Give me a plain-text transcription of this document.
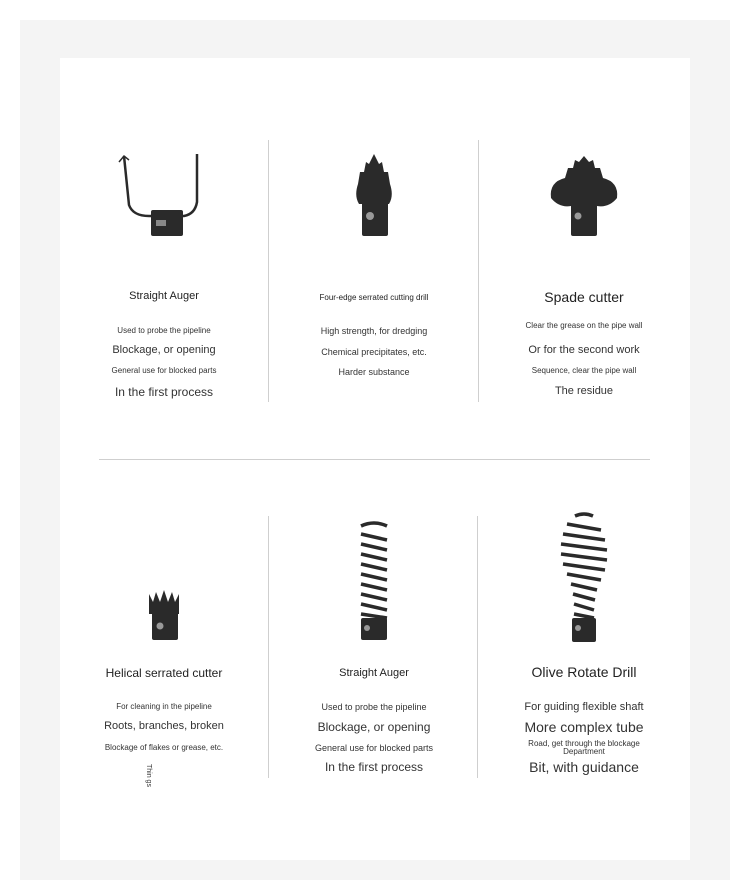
Straight Auger
Used to probe the pipeline
Blockage, or opening
General use for blocked parts
In the first process
Four-edge serrated cutting drill
High strength, for dredging
Chemical precipitates, etc.
Harder substance
Spade cutter
Clear the grease on the pipe wall
Or for the second work
Sequence, clear the pipe wall
The residue
Helical serrated cutter
For cleaning in the pipeline
Roots, branches, broken
Blockage of flakes or grease, etc.
Thin gs
Straight Auger
Used to probe the pipeline
Blockage, or opening
General use for blocked parts
In the first process
Olive Rotate Drill
For guiding flexible shaft
More complex tube
Road, get through the blockage Department
Bit, with guidance
